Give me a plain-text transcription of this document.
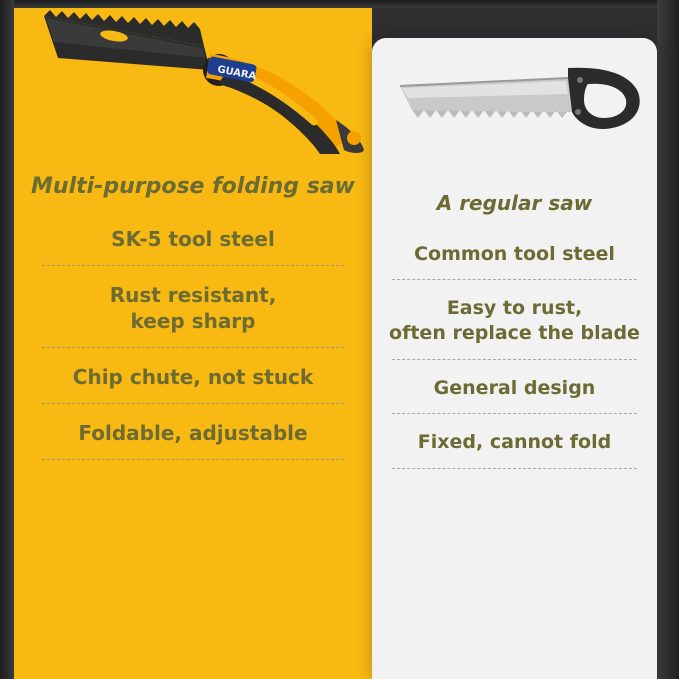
GUARA
Multi-purpose folding saw
SK-5 tool steel
Rust resistant,
keep sharp
Chip chute, not stuck
Foldable, adjustable
A regular saw
Common tool steel
Easy to rust,
often replace the blade
General design
Fixed, cannot fold
